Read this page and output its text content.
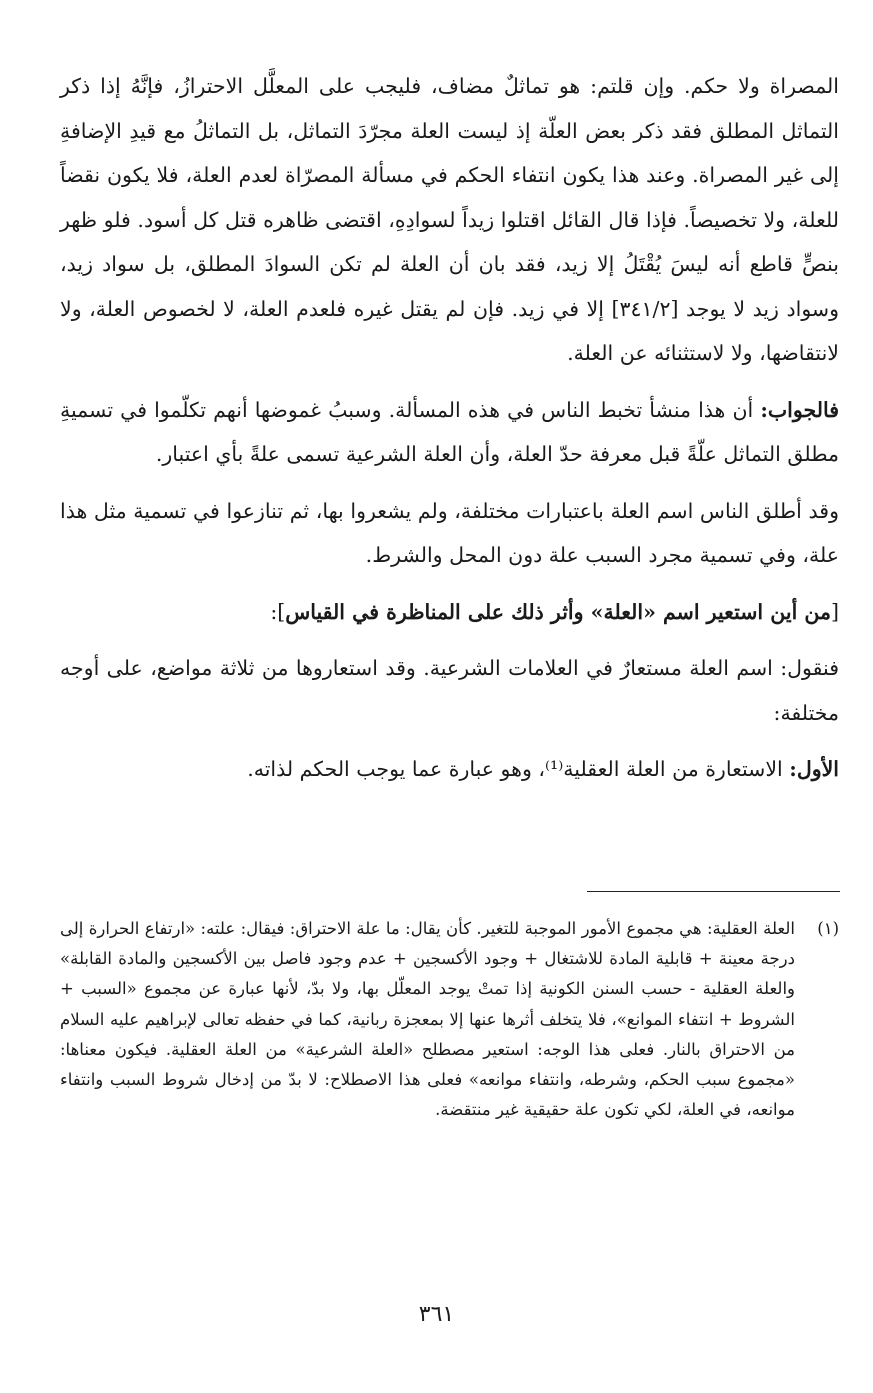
المصراة ولا حكم. وإن قلتم: هو تماثلٌ مضاف، فليجب على المعلَّل الاحترازُ، فإنَّهُ إذا ذكر التماثل المطلق فقد ذكر بعض العلّة إذ ليست العلة مجرّدَ التماثل، بل التماثلُ مع قيدِ الإضافةِ إلى غير المصراة. وعند هذا يكون انتفاء الحكم في مسألة المصرّاة لعدم العلة، فلا يكون نقضاً للعلة، ولا تخصيصاً. فإذا قال القائل اقتلوا زيداً لسوادِهِ، اقتضى ظاهره قتل كل أسود. فلو ظهر بنصٍّ قاطع أنه ليسَ يُقْتَلُ إلا زيد، فقد بان أن العلة لم تكن السوادَ المطلق، بل سواد زيد، وسواد زيد لا يوجد [٣٤١/٢] إلا في زيد. فإن لم يقتل غيره فلعدم العلة، لا لخصوص العلة، ولا لانتقاضها، ولا لاستثنائه عن العلة.

فالجواب: أن هذا منشأ تخبط الناس في هذه المسألة. وسببُ غموضها أنهم تكلّموا في تسميةِ مطلق التماثل علّةً قبل معرفة حدّ العلة، وأن العلة الشرعية تسمى علةً بأي اعتبار.

وقد أطلق الناس اسم العلة باعتبارات مختلفة، ولم يشعروا بها، ثم تنازعوا في تسمية مثل هذا علة، وفي تسمية مجرد السبب علة دون المحل والشرط.

[من أين استعير اسم «العلة» وأثر ذلك على المناظرة في القياس]:

فنقول: اسم العلة مستعارٌ في العلامات الشرعية. وقد استعاروها من ثلاثة مواضع، على أوجه مختلفة:

الأول: الاستعارة من العلة العقلية⁽¹⁾، وهو عبارة عما يوجب الحكم لذاته.

(١)
العلة العقلية: هي مجموع الأمور الموجبة للتغير. كأن يقال: ما علة الاحتراق: فيقال: علته: «ارتفاع الحرارة إلى درجة معينة + قابلية المادة للاشتغال + وجود الأكسجين + عدم وجود فاصل بين الأكسجين والمادة القابلة» والعلة العقلية - حسب السنن الكونية إذا تمتْ يوجد المعلّل بها، ولا بدّ، لأنها عبارة عن مجموع «السبب + الشروط + انتفاء الموانع»، فلا يتخلف أثرها عنها إلا بمعجزة ربانية، كما في حفظه تعالى لإبراهيم عليه السلام من الاحتراق بالنار. فعلى هذا الوجه: استعير مصطلح «العلة الشرعية» من العلة العقلية. فيكون معناها: «مجموع سبب الحكم، وشرطه، وانتفاء موانعه» فعلى هذا الاصطلاح: لا بدّ من إدخال شروط السبب وانتفاء موانعه، في العلة، لكي تكون علة حقيقية غير منتقضة.
٣٦١
